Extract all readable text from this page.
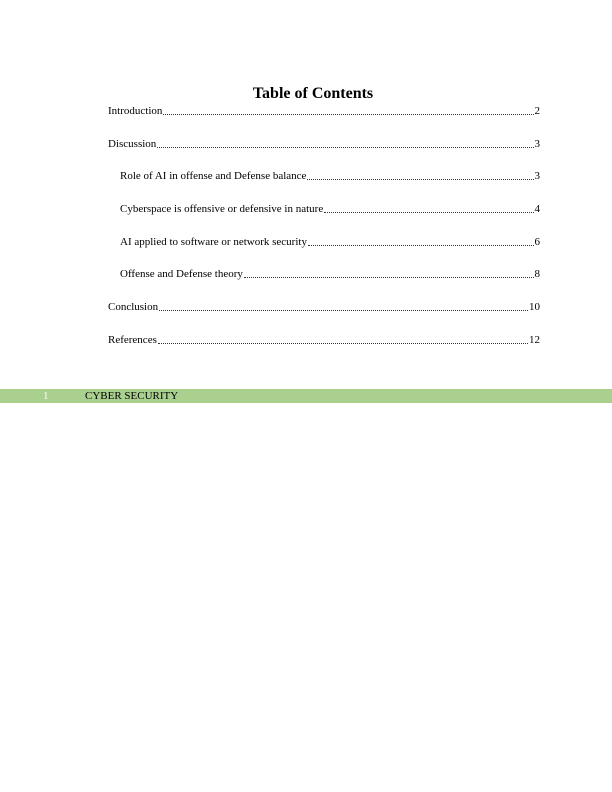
Table of Contents
Introduction	2
Discussion	3
Role of AI in offense and Defense balance	3
Cyberspace is offensive or defensive in nature	4
AI applied to software or network security	6
Offense and Defense theory	8
Conclusion	10
References	12
1	CYBER SECURITY
